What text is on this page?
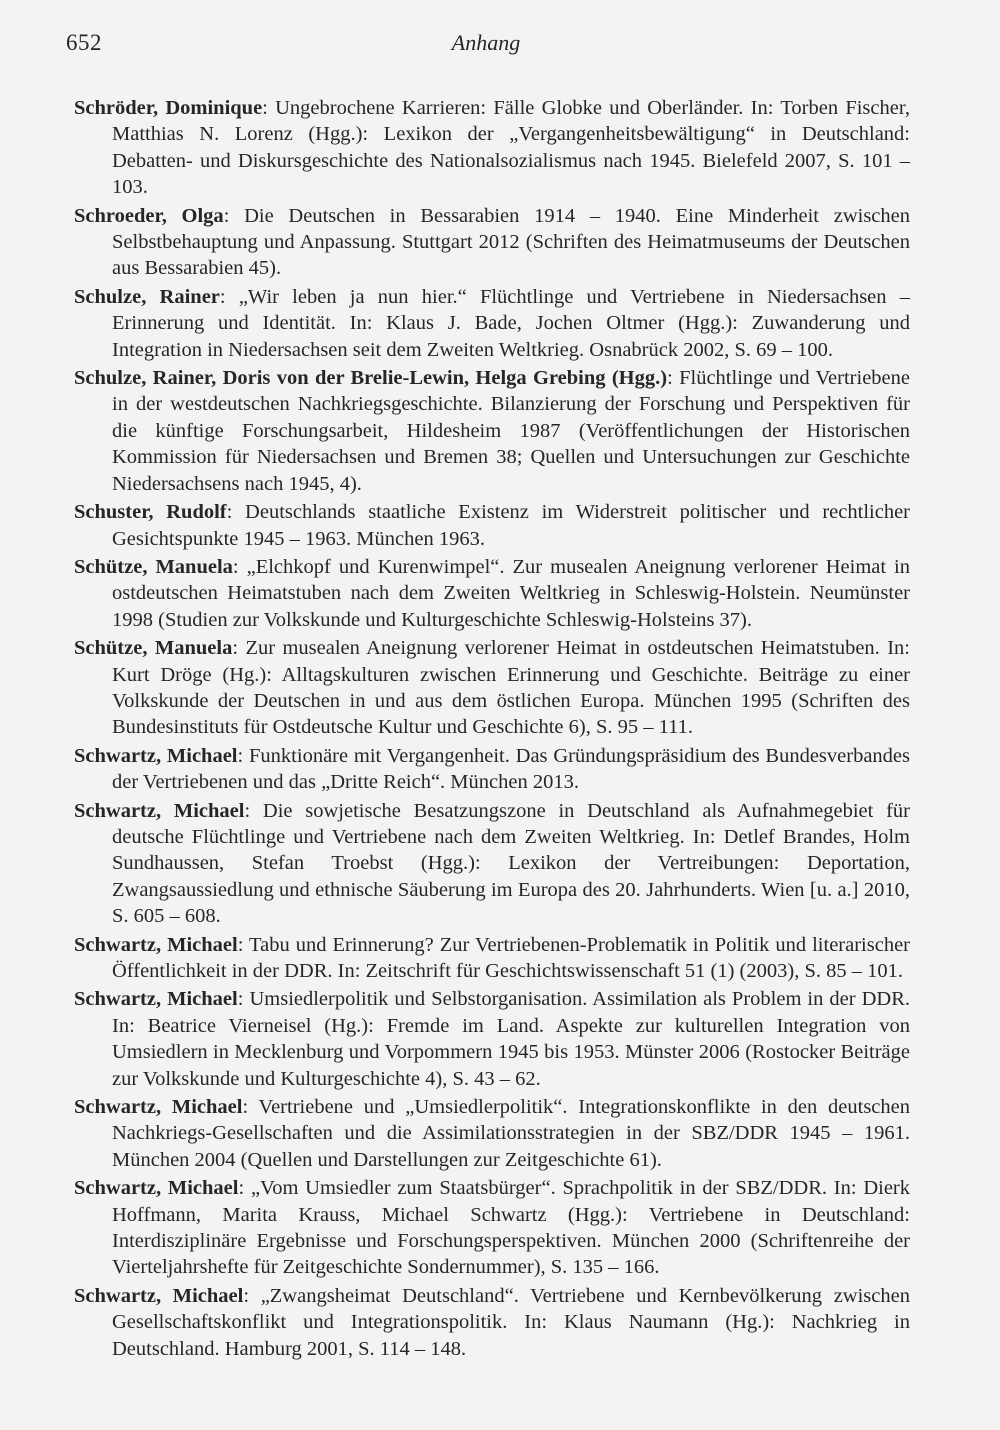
652	Anhang

Schröder, Dominique: Ungebrochene Karrieren: Fälle Globke und Oberländer. In: Torben Fischer, Matthias N. Lorenz (Hgg.): Lexikon der „Vergangenheitsbewältigung“ in Deutschland: Debatten- und Diskursgeschichte des Nationalsozialismus nach 1945. Bielefeld 2007, S. 101 – 103.

Schroeder, Olga: Die Deutschen in Bessarabien 1914 – 1940. Eine Minderheit zwischen Selbstbehauptung und Anpassung. Stuttgart 2012 (Schriften des Heimatmuseums der Deutschen aus Bessarabien 45).

Schulze, Rainer: „Wir leben ja nun hier.“ Flüchtlinge und Vertriebene in Niedersachsen – Erinnerung und Identität. In: Klaus J. Bade, Jochen Oltmer (Hgg.): Zuwanderung und Integration in Niedersachsen seit dem Zweiten Weltkrieg. Osnabrück 2002, S. 69 – 100.

Schulze, Rainer, Doris von der Brelie-Lewin, Helga Grebing (Hgg.): Flüchtlinge und Vertriebene in der westdeutschen Nachkriegsgeschichte. Bilanzierung der Forschung und Perspektiven für die künftige Forschungsarbeit, Hildesheim 1987 (Veröffentlichungen der Historischen Kommission für Niedersachsen und Bremen 38; Quellen und Untersuchungen zur Geschichte Niedersachsens nach 1945, 4).

Schuster, Rudolf: Deutschlands staatliche Existenz im Widerstreit politischer und rechtlicher Gesichtspunkte 1945 – 1963. München 1963.

Schütze, Manuela: „Elchkopf und Kurenwimpel“. Zur musealen Aneignung verlorener Heimat in ostdeutschen Heimatstuben nach dem Zweiten Weltkrieg in Schleswig-Holstein. Neumünster 1998 (Studien zur Volkskunde und Kulturgeschichte Schleswig-Holsteins 37).

Schütze, Manuela: Zur musealen Aneignung verlorener Heimat in ostdeutschen Heimatstuben. In: Kurt Dröge (Hg.): Alltagskulturen zwischen Erinnerung und Geschichte. Beiträge zu einer Volkskunde der Deutschen in und aus dem östlichen Europa. München 1995 (Schriften des Bundesinstituts für Ostdeutsche Kultur und Geschichte 6), S. 95 – 111.

Schwartz, Michael: Funktionäre mit Vergangenheit. Das Gründungspräsidium des Bundesverbandes der Vertriebenen und das „Dritte Reich“. München 2013.

Schwartz, Michael: Die sowjetische Besatzungszone in Deutschland als Aufnahmegebiet für deutsche Flüchtlinge und Vertriebene nach dem Zweiten Weltkrieg. In: Detlef Brandes, Holm Sundhaussen, Stefan Troebst (Hgg.): Lexikon der Vertreibungen: Deportation, Zwangsaussiedlung und ethnische Säuberung im Europa des 20. Jahrhunderts. Wien [u. a.] 2010, S. 605 – 608.

Schwartz, Michael: Tabu und Erinnerung? Zur Vertriebenen-Problematik in Politik und literarischer Öffentlichkeit in der DDR. In: Zeitschrift für Geschichtswissenschaft 51 (1) (2003), S. 85 – 101.

Schwartz, Michael: Umsiedlerpolitik und Selbstorganisation. Assimilation als Problem in der DDR. In: Beatrice Vierneisel (Hg.): Fremde im Land. Aspekte zur kulturellen Integration von Umsiedlern in Mecklenburg und Vorpommern 1945 bis 1953. Münster 2006 (Rostocker Beiträge zur Volkskunde und Kulturgeschichte 4), S. 43 – 62.

Schwartz, Michael: Vertriebene und „Umsiedlerpolitik“. Integrationskonflikte in den deutschen Nachkriegs-Gesellschaften und die Assimilationsstrategien in der SBZ/DDR 1945 – 1961. München 2004 (Quellen und Darstellungen zur Zeitgeschichte 61).

Schwartz, Michael: „Vom Umsiedler zum Staatsbürger“. Sprachpolitik in der SBZ/DDR. In: Dierk Hoffmann, Marita Krauss, Michael Schwartz (Hgg.): Vertriebene in Deutschland: Interdisziplinäre Ergebnisse und Forschungsperspektiven. München 2000 (Schriftenreihe der Vierteljahrshefte für Zeitgeschichte Sondernummer), S. 135 – 166.

Schwartz, Michael: „Zwangsheimat Deutschland“. Vertriebene und Kernbevölkerung zwischen Gesellschaftskonflikt und Integrationspolitik. In: Klaus Naumann (Hg.): Nachkrieg in Deutschland. Hamburg 2001, S. 114 – 148.
